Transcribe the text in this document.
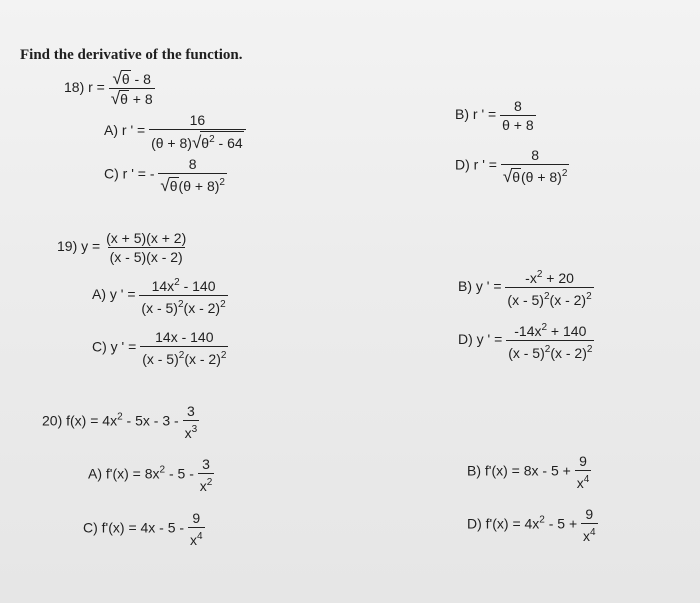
Find the derivative of the function.
18) $r = \frac{√ \theta - 8}{√ \theta + 8}$
A) r ' = $\frac{16}{(\theta + 8) √ \theta^2 - 64}$	B) r ' = $\frac{8}{\theta + 8}$
C) r ' = - $\frac{8}{√ \theta (\theta + 8)^2}$	D) r ' = $\frac{8}{√ \theta (\theta + 8)^2}$
19) $y = \frac{(x + 5)(x + 2)}{(x - 5)(x - 2)}$
A) y ' = $\frac{14x^2 - 140}{(x - 5)^2(x - 2)^2}$	B) y ' = $\frac{-x^2 + 20}{(x - 5)^2(x - 2)^2}$
C) y ' = $\frac{14x - 140}{(x - 5)^2(x - 2)^2}$	D) y ' = $\frac{-14x^2 + 140}{(x - 5)^2(x - 2)^2}$
20) $f(x) = 4x^2 - 5x - 3 - \frac{3}{x^3}$
A) $f'(x) = 8x^2 - 5 - \frac{3}{x^2}$	B) $f'(x) = 8x - 5 + \frac{9}{x^4}$
C) $f'(x) = 4x - 5 - \frac{9}{x^4}$	D) $f'(x) = 4x^2 - 5 + \frac{9}{x^4}$
